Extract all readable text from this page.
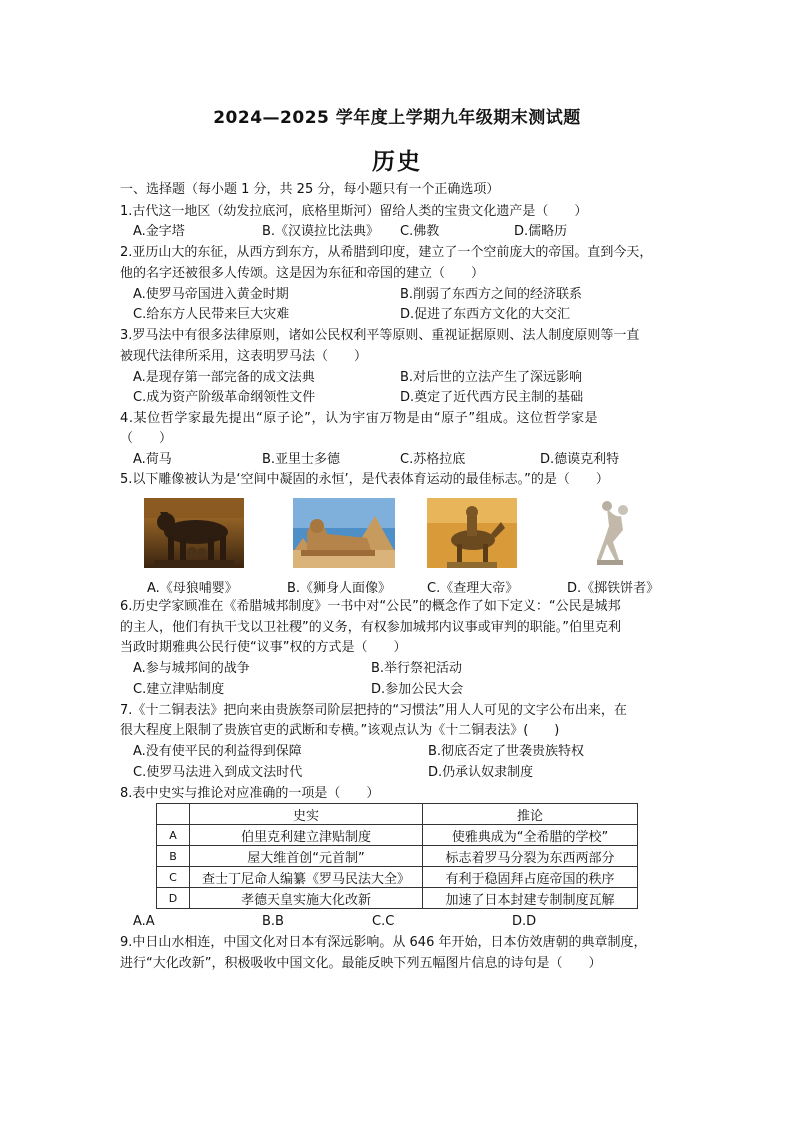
2024—2025 学年度上学期九年级期末测试题
历史
一、选择题（每小题 1 分，共 25 分，每小题只有一个正确选项）
1.古代这一地区（幼发拉底河，底格里斯河）留给人类的宝贵文化遗产是（　　）
A.金字塔	B.《汉谟拉比法典》 C.佛教	D.儒略历
2.亚历山大的东征，从西方到东方，从希腊到印度，建立了一个空前庞大的帝国。直到今天，
他的名字还被很多人传颂。这是因为东征和帝国的建立（　　）
A.使罗马帝国进入黄金时期	B.削弱了东西方之间的经济联系
C.给东方人民带来巨大灾难	D.促进了东西方文化的大交汇
3.罗马法中有很多法律原则，诸如公民权利平等原则、重视证据原则、法人制度原则等一直
被现代法律所采用，这表明罗马法（　　）
A.是现存第一部完备的成文法典	B.对后世的立法产生了深远影响
C.成为资产阶级革命纲领性文件	D.奠定了近代西方民主制的基础
4.某位哲学家最先提出“原子论”，认为宇宙万物是由“原子”组成。这位哲学家是
（　　）
A.荷马	B.亚里士多德	C.苏格拉底	D.德谟克利特
5.以下雕像被认为是‘空间中凝固的永恒’，是代表体育运动的最佳标志。”的是（　　）
A.《母狼哺婴》	B.《狮身人面像》	C.《查理大帝》	D.《掷铁饼者》
6.历史学家顾准在《希腊城邦制度》一书中对“公民”的概念作了如下定义：“公民是城邦
的主人，他们有执干戈以卫社稷”的义务，有权参加城邦内议事或审判的职能。”伯里克利
当政时期雅典公民行使“议事”权的方式是（　　）
A.参与城邦间的战争	B.举行祭祀活动
C.建立津贴制度	D.参加公民大会
7.《十二铜表法》把向来由贵族祭司阶层把持的“习惯法”用人人可见的文字公布出来，在
很大程度上限制了贵族官吏的武断和专横。”该观点认为《十二铜表法》(　　)
A.没有使平民的利益得到保障	B.彻底否定了世袭贵族特权
C.使罗马法进入到成文法时代	D.仍承认奴隶制度
8.表中史实与推论对应准确的一项是（　　）
	史实	推论
A	伯里克利建立津贴制度	使雅典成为“全希腊的学校”
B	屋大维首创“元首制”	标志着罗马分裂为东西两部分
C	查士丁尼命人编纂《罗马民法大全》	有利于稳固拜占庭帝国的秩序
D	孝德天皇实施大化改新	加速了日本封建专制制度瓦解
A.A	B.B	C.C	D.D
9.中日山水相连，中国文化对日本有深远影响。从 646 年开始，日本仿效唐朝的典章制度，
进行“大化改新”，积极吸收中国文化。最能反映下列五幅图片信息的诗句是（　　）
